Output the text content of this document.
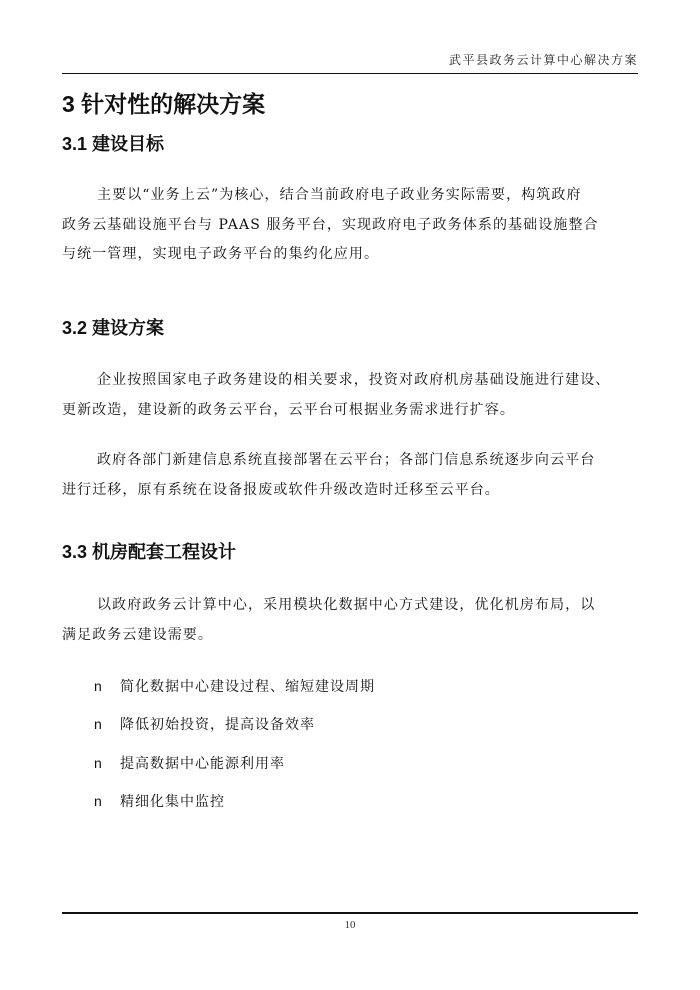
武平县政务云计算中心解决方案
3 针对性的解决方案
3.1 建设目标

主要以“业务上云”为核心，结合当前政府电子政业务实际需要，构筑政府
政务云基础设施平台与 PAAS 服务平台，实现政府电子政务体系的基础设施整合
与统一管理，实现电子政务平台的集约化应用。

3.2 建设方案

企业按照国家电子政务建设的相关要求，投资对政府机房基础设施进行建设、
更新改造，建设新的政务云平台，云平台可根据业务需求进行扩容。

政府各部门新建信息系统直接部署在云平台；各部门信息系统逐步向云平台
进行迁移，原有系统在设备报废或软件升级改造时迁移至云平台。

3.3 机房配套工程设计

以政府政务云计算中心，采用模块化数据中心方式建设，优化机房布局，以
满足政务云建设需要。

n	简化数据中心建设过程、缩短建设周期
n	降低初始投资，提高设备效率
n	提高数据中心能源利用率
n	精细化集中监控
10
